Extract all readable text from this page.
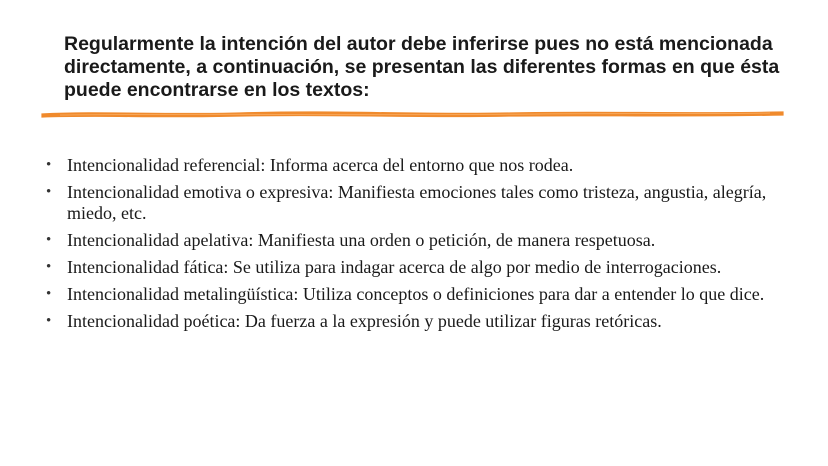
Regularmente la intención del autor debe inferirse pues no está mencionada directamente, a continuación, se presentan las diferentes formas en que ésta puede encontrarse en los textos:
• Intencionalidad referencial: Informa acerca del entorno que nos rodea.
• Intencionalidad emotiva o expresiva: Manifiesta emociones tales como tristeza, angustia, alegría, miedo, etc.
• Intencionalidad apelativa: Manifiesta una orden o petición, de manera respetuosa.
• Intencionalidad fática: Se utiliza para indagar acerca de algo por medio de interrogaciones.
• Intencionalidad metalingüística: Utiliza conceptos o definiciones para dar a entender lo que dice.
• Intencionalidad poética: Da fuerza a la expresión y puede utilizar figuras retóricas.
